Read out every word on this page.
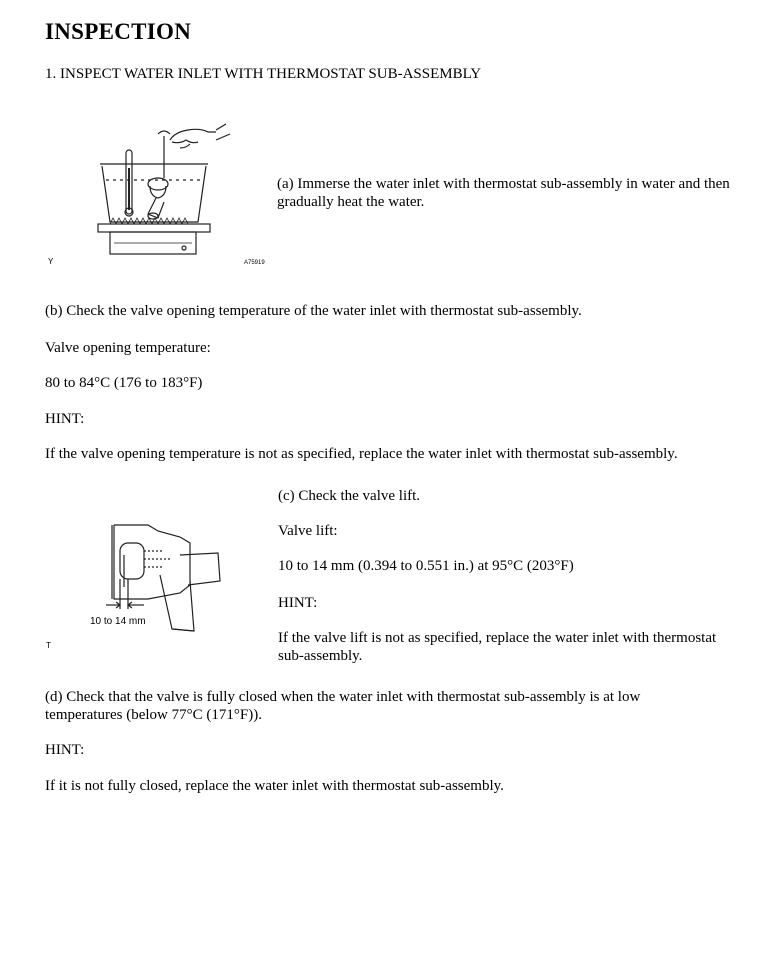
INSPECTION
1. INSPECT WATER INLET WITH THERMOSTAT SUB-ASSEMBLY
Y	A75919
(a) Immerse the water inlet with thermostat sub-assembly in water and then gradually heat the water.
(b) Check the valve opening temperature of the water inlet with thermostat sub-assembly.
Valve opening temperature:
80 to 84°C (176 to 183°F)
HINT:
If the valve opening temperature is not as specified, replace the water inlet with thermostat sub-assembly.
10 to 14 mm
T
(c) Check the valve lift.
Valve lift:
10 to 14 mm (0.394 to 0.551 in.) at 95°C (203°F)
HINT:
If the valve lift is not as specified, replace the water inlet with thermostat sub-assembly.
(d) Check that the valve is fully closed when the water inlet with thermostat sub-assembly is at low temperatures (below 77°C (171°F)).
HINT:
If it is not fully closed, replace the water inlet with thermostat sub-assembly.
